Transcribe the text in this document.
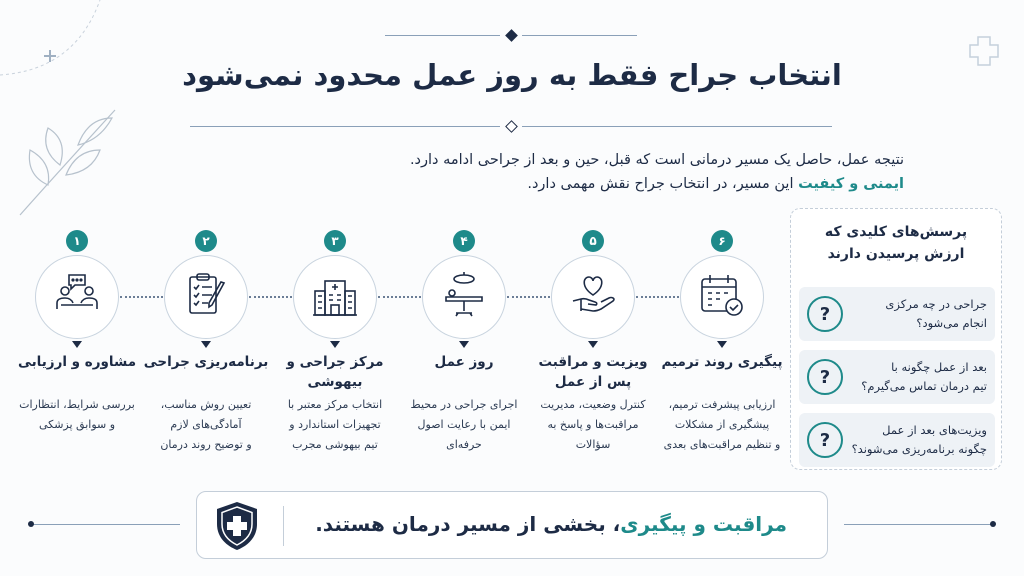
انتخاب جراح فقط به روز عمل محدود نمی‌شود
نتیجه عمل، حاصل یک مسیر درمانی است که قبل، حین و بعد از جراحی ادامه دارد.
ایمنی و کیفیت این مسیر، در انتخاب جراح نقش مهمی دارد.
۱
مشاوره و ارزیابی
بررسی شرایط، انتظارات
و سوابق پزشکی
۲
برنامه‌ریزی جراحی
تعیین روش مناسب،
آمادگی‌های لازم
و توضیح روند درمان
۳
مرکز جراحی و بیهوشی
انتخاب مرکز معتبر با
تجهیزات استاندارد و
تیم بیهوشی مجرب
۴
روز عمل
اجرای جراحی در محیط
ایمن با رعایت اصول
حرفه‌ای
۵
ویزیت و مراقبت
پس از عمل
کنترل وضعیت، مدیریت
مراقبت‌ها و پاسخ به
سؤالات
۶
پیگیری روند ترمیم
ارزیابی پیشرفت ترمیم،
پیشگیری از مشکلات
و تنظیم مراقبت‌های بعدی
پرسش‌های کلیدی که
ارزش پرسیدن دارند
جراحی در چه مرکزی
انجام می‌شود؟
?
بعد از عمل چگونه با
تیم درمان تماس می‌گیرم؟
?
ویزیت‌های بعد از عمل
چگونه برنامه‌ریزی می‌شوند؟
?
مراقبت و پیگیری، بخشی از مسیر درمان هستند.
